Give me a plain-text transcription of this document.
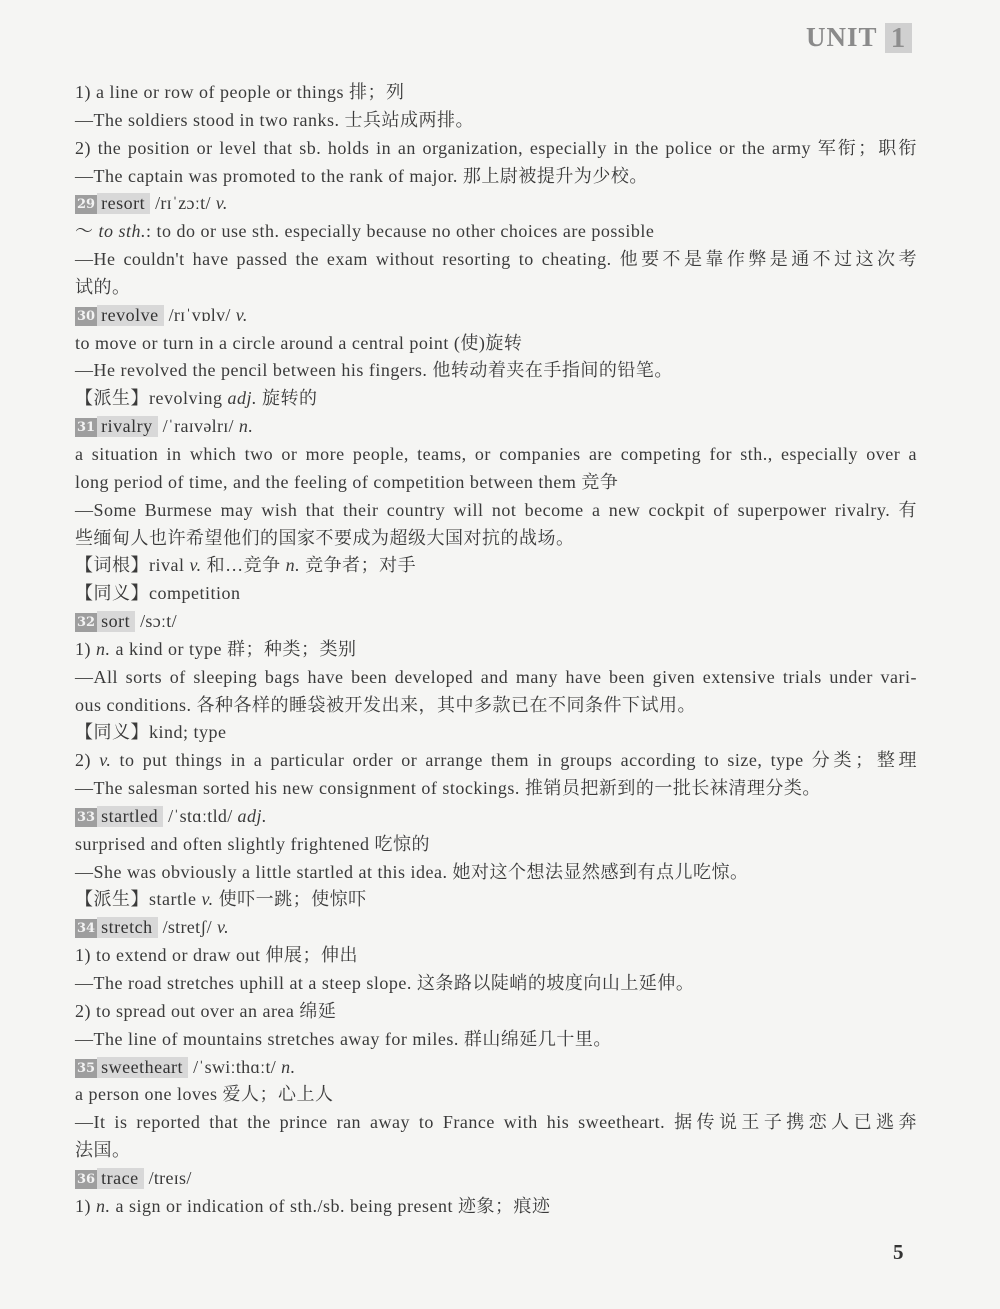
UNIT 1
1) a line or row of people or things 排；列
—The soldiers stood in two ranks. 士兵站成两排。
2) the position or level that sb. holds in an organization, especially in the police or the army 军衔；职衔
—The captain was promoted to the rank of major. 那上尉被提升为少校。
29 resort /rɪˈzɔːt/ v.
～ to sth.: to do or use sth. especially because no other choices are possible
—He couldn't have passed the exam without resorting to cheating. 他要不是靠作弊是通不过这次考
试的。
30 revolve /rɪˈvɒlv/ v.
to move or turn in a circle around a central point (使)旋转
—He revolved the pencil between his fingers. 他转动着夹在手指间的铅笔。
【派生】revolving adj. 旋转的
31 rivalry /ˈraɪvəlrɪ/ n.
a situation in which two or more people, teams, or companies are competing for sth., especially over a
long period of time, and the feeling of competition between them 竞争
—Some Burmese may wish that their country will not become a new cockpit of superpower rivalry. 有
些缅甸人也许希望他们的国家不要成为超级大国对抗的战场。
【词根】rival v. 和…竞争 n. 竞争者；对手
【同义】competition
32 sort /sɔːt/
1) n. a kind or type 群；种类；类别
—All sorts of sleeping bags have been developed and many have been given extensive trials under vari-
ous conditions. 各种各样的睡袋被开发出来，其中多款已在不同条件下试用。
【同义】kind; type
2) v. to put things in a particular order or arrange them in groups according to size, type 分类；整理
—The salesman sorted his new consignment of stockings. 推销员把新到的一批长袜清理分类。
33 startled /ˈstɑːtld/ adj.
surprised and often slightly frightened 吃惊的
—She was obviously a little startled at this idea. 她对这个想法显然感到有点儿吃惊。
【派生】startle v. 使吓一跳；使惊吓
34 stretch /stretʃ/ v.
1) to extend or draw out 伸展；伸出
—The road stretches uphill at a steep slope. 这条路以陡峭的坡度向山上延伸。
2) to spread out over an area 绵延
—The line of mountains stretches away for miles. 群山绵延几十里。
35 sweetheart /ˈswiːthɑːt/ n.
a person one loves 爱人；心上人
—It is reported that the prince ran away to France with his sweetheart. 据传说王子携恋人已逃奔
法国。
36 trace /treɪs/
1) n. a sign or indication of sth./sb. being present 迹象；痕迹
5
